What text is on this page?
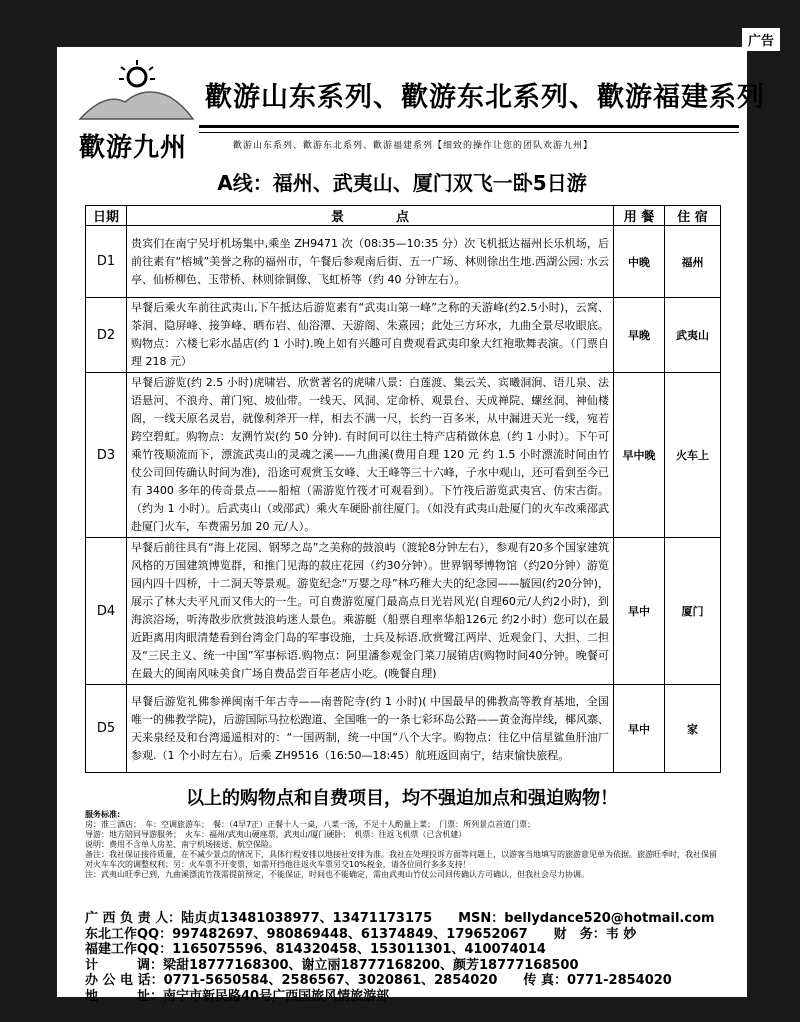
广告
歡游九州
歡游山东系列、歡游东北系列、歡游福建系列
歡游山东系列、歡游东北系列、歡游福建系列【细致的操作让您的团队欢游九州】
A线：福州、武夷山、厦门双飞一卧5日游
日期	景　　　　点	用 餐	住 宿
D1	贵宾们在南宁吴圩机场集中,乘坐 ZH9471 次（08:35—10:35 分）次飞机抵达福州长乐机场，后前往素有“榕城”美誉之称的福州市，午餐后参观南后街、五一广场、林则徐出生地.西湖公园: 水云亭、仙桥柳色、玉带桥、林则徐铜像、飞虹桥等（约 40 分钟左右）。	中晚	福州
D2	早餐后乘火车前往武夷山,下午抵达后游览素有“武夷山第一峰”之称的天游峰(约2.5小时)，云窝、茶洞、隐屏峰、接笋峰、晒布岩、仙浴潭、天游阁、朱熹园；此处三方环水，九曲全景尽收眼底。购物点：六楼七彩水晶店(约 1 小时).晚上如有兴趣可自费观看武夷印象大红袍歌舞表演。（门票自理 218 元）	早晚	武夷山
D3	早餐后游览(约 2.5 小时)虎啸岩、欣赏著名的虎啸八景：白莲渡、集云关、宾曦洞涧、语儿泉、法语悬河、不浪舟、莆门宛、坡仙带。一线天、风洞、定命桥、观景台、天成禅院、螺丝洞、神仙楼阁，一线天原名灵岩，就像利斧开一样，相去不满一尺，长约一百多米，从中漏进天光一线，宛若跨空碧虹。购物点：友溯竹炭(约 50 分钟). 有时间可以往土特产店稍做休息（约 1 小时）。下午可乘竹筏顺流而下，漂流武夷山的灵魂之溪——九曲溪(费用自理 120 元 约 1.5 小时漂流时间由竹仗公司回传确认时间为准)，沿途可观赏玉女峰、大王峰等三十六峰，子水中观山，还可看到至今已有 3400 多年的传奇景点——船棺（需游览竹筏才可观看到）。下竹筏后游览武夷宫、仿宋古街。（约为 1 小时）。后武夷山（或邵武）乘火车硬卧前往厦门。（如没有武夷山赴厦门的火车改乘邵武赴厦门火车，车费需另加 20 元/人）。	早中晚	火车上
D4	早餐后前往具有“海上花园、钢琴之岛”之美称的鼓浪屿（渡轮8分钟左右），参观有20多个国家建筑风格的万国建筑博览群，和推门见海的菽庄花园（约30分钟）。世界钢琴博物馆（约20分钟）游览园内四十四桥，十二洞天等景观。游览纪念“万婴之母”林巧稚大夫的纪念园——毓园(约20分钟)，展示了林大夫平凡而又伟大的一生。可自费游览厦门最高点日光岩风光(自理60元/人约2小时)，到海滨浴场，听涛散步欣赏鼓浪屿迷人景色。乘游艇（船票自理率华船126元 约2小时）您可以在最近距离用肉眼清楚看到台湾金门岛的军事设施，士兵及标语.欣赏鹭江两岸、近观金门、大担、二担及“三民主义、统一中国”军事标语.购物点：阿里潘参观金门菜刀展销店(购物时间40分钟。晚餐可在最大的闽南风味美食广场自费品尝百年老店小吃。(晚餐自理)	早中	厦门
D5	早餐后游览礼佛参禅闽南千年古寺——南普陀寺(约 1 小时)( 中国最早的佛教高等教育基地，全国唯一的佛教学院)，后游国际马拉松跑道、全国唯一的一条七彩环岛公路——黄金海岸线，椰风寨、天来泉经及和台湾遥遥相对的：“一国两制，统一中国”八个大字。购物点：往亿中信星鲨鱼肝油厂参观.（1 个小时左右）。后乘 ZH9516（16:50—18:45）航班返回南宁，结束愉快旅程。	早中	家
以上的购物点和自费项目，均不强迫加点和强迫购物！
服务标准:
房：准三酒店；　车：空调旅游车；　餐：（4早7正）正餐十人一桌，八菜一汤，不足十人酌量上菜；　门票：所列景点首道门票；
导游：地方陪同导游服务；　火车：福州/武夷山硬座票，武夷山/厦门硬卧；　机票：往返飞机票（已含机建）
说明：费用不含单人房差、南宁机场接送、航空保险。
备注：我社保证接待质量，在不减少景点的情况下，具体行程安排以地接社安排为准。我社在处理投诉方面等问题上，以游客当地填写的旅游意见单为依据。旅游旺季时，我社保留对火车车次的调整权利；另：火车票不开变票，如需开挡他往返火车票另交10%税金，请各位同行多多支持！
注：武夷山旺季已到，九曲溪漂流竹筏需提前预定，不能保证，时间也不能确定，需由武夷山竹仗公司回传确认方可确认，但我社会尽力协调。
广 西 负 责 人：陆贞贞13481038977、13471173175　　MSN：bellydance520@hotmail.com
东北工作QQ：997482697、980869448、61374849、179652067　　财　务：韦 妙
福建工作QQ：1165075596、814320458、153011301、410074014
计　　　调：梁甜18777168300、谢立丽18777168200、颜芳18777168500
办 公 电 话：0771-5650584、2586567、3020861、2854020　　传 真：0771-2854020
地　　　址：南宁市新民路40号广西国旅风情旅游部	欢迎浏览电子版 www.zyoo.net　广西版	7
